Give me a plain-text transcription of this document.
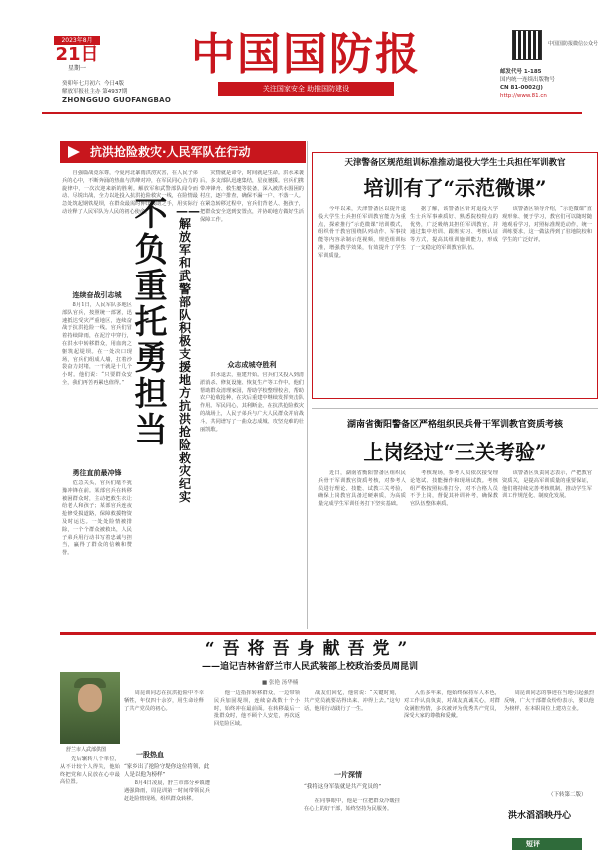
2023年8月
21日
星期一
癸卯年七月初六 今日4版
解放军报社主办 第4937期
ZHONGGUO GUOFANGBAO
中国国防报
关注国家安全 助推国防建设
中国国防报微信公众号
邮发代号 1-185
国内统一连续出版物号
CN 81-0002(J)
http://www.81.cn
抗洪抢险救灾·人民军队在行动
　　自强篇战竟东尊，今夏河北暴雨洪涝灾害，在人民子弟兵的心中，不断奔涌的热血与洪峰对冲，在军民同心合力的旋律中，一次次迎来新的胜利。解放军和武警部队闻令而动、尽锐出战，全力以赴投入抗洪抢险救灾一线，在险情最急处筑起钢铁堤坝，在群众最需时伸出援助之手，用实际行动诠释了人民军队为人民的初心使命。
连续奋战引志城
　　8月1日，人民军队多地区部队官兵，按照统一部署，迅速抵达受灾严重地区，连续奋战于抗洪抢险一线。官兵们冒着持续降雨，在泥泞中穿行，在洪水中转移群众，用血肉之躯筑起堤坝。在一处决口现场，官兵们组成人墙，扛着沙袋奋力封堵，一干就是十几个小时。他们说：“只要群众安全，我们再苦再累也值得。”
勇往直前最冲锋
　　危急关头，官兵们毫不犹豫冲锋在前。某部官兵在转移被困群众时，主动把救生衣让给老人和孩子；某部官兵连夜抢修受损道路，保障救援物资及时运达。一处处险情被排除，一个个群众被救出，人民子弟兵用行动书写着忠诚与担当，赢得了群众的信赖和赞誉。
不负重托勇担当
——解放军和武警部队积极支援地方抗洪抢险救灾纪实
　　灾情就是命令，时间就是生命。洪水来袭后，多支部队迅速集结，星夜驰援。官兵们携带冲锋舟、救生艇等装备，深入被洪水围困的村庄，逐户排查，确保不漏一户、不落一人。在紧急转移过程中，官兵们背老人、抱孩子，把群众安全送到安置点，并协助地方做好生活保障工作。
众志成城夺胜利
　　洪水退去，重建开始。官兵们又投入到清淤消杀、修复设施、恢复生产等工作中。他们帮助群众清理家园，帮助学校整理校舍，帮助农户抢收抢种，在灾后重建中继续发挥突击队作用。军民同心，其利断金。在抗洪抢险救灾的战场上，人民子弟兵与广大人民群众并肩战斗，共同谱写了一曲众志成城、攻坚克难的壮丽凯歌。
天津警备区规范组训标准推动退役大学生士兵担任军训教官
培训有了“示范微课”
　　今年以来，天津警备区以提升退役大学生士兵担任军训教官能力为重点，探索推行“示范微课”培训模式，组织骨干教官围绕队列动作、军事技能等内容录制示范视频，规范组训标准，增强教学效果，有效提升了学生军训质量。
　　据了解，该警备区针对退役大学生士兵军事素质好、熟悉院校特点的优势，广泛吸纳其担任军训教官，并通过集中培训、跟班实习、考核认证等方式，提高其组训施训能力，形成了一支稳定的军训教官队伍。
　　该警备区领导介绍，“示范微课”直观形象、便于学习，教官们可以随时随地观看学习，对照标准规范动作，统一训练要求，这一做法得到了驻地院校和学生的广泛好评。
湖南省衡阳警备区严格组织民兵骨干军训教官资质考核
上岗经过“三关考验”
　　近日，湖南省衡阳警备区组织民兵骨干军训教官资质考核，对参考人员进行理论、技能、试教三关考验，确保上岗教官具备过硬素质，为高质量完成学生军训任务打下坚实基础。
　　考核现场，参考人员依次接受理论笔试、技能操作和现场试教。考核组严格按照标准打分，对不合格人员不予上岗，督促其补训补考，确保教官队伍整体素质。
　　该警备区负责同志表示，严把教官资质关，是提高军训质量的重要保证，他们将持续完善考核机制，推动学生军训工作规范化、制度化发展。
“吾将吾身献吾党”
——追记吉林省舒兰市人民武装部上校政治委员周昆训
■ 张艳 汤华楠
舒兰市人武部供图
　　先后辗转八个单位，从不计较个人得失，他始终把党和人民放在心中最高位置。
　　周昆训同志在抗洪抢险中不幸牺牲，年仅四十余岁，用生命诠释了共产党员的初心。
一股热血
“家乡出了抢险守堤你这位将领，此人是以他为榜样”
　　8月4日凌晨，舒兰市部分乡镇遭遇强降雨，周昆训第一时间带领民兵赶赴险情现场，组织群众转移。
　　他一边指挥转移群众，一边带领民兵加固堤坝，连续奋战数十个小时，始终冲在最前面。在转移最后一批群众时，他不顾个人安危，再次返回危险区域。
　　战友们回忆，他常说：“关键时刻，共产党员就要站得出来、冲得上去。”这句话，他用行动践行了一生。
一片深情
“我将这身军装就是共产党员的”
　　在同事眼中，他是一位把群众冷暖挂在心上的好干部，始终坚持为民服务。
　　入伍多年来，他始终保持军人本色，对工作认真负责，对战友真诚关心，对群众满腔热情，多次被评为优秀共产党员，深受大家的尊敬和爱戴。
　　周昆训同志的事迹在当地引起强烈反响，广大干部群众纷纷表示，要以他为榜样，在本职岗位上建功立业。
（下转第二版）
洪水滔滔映丹心
短评
